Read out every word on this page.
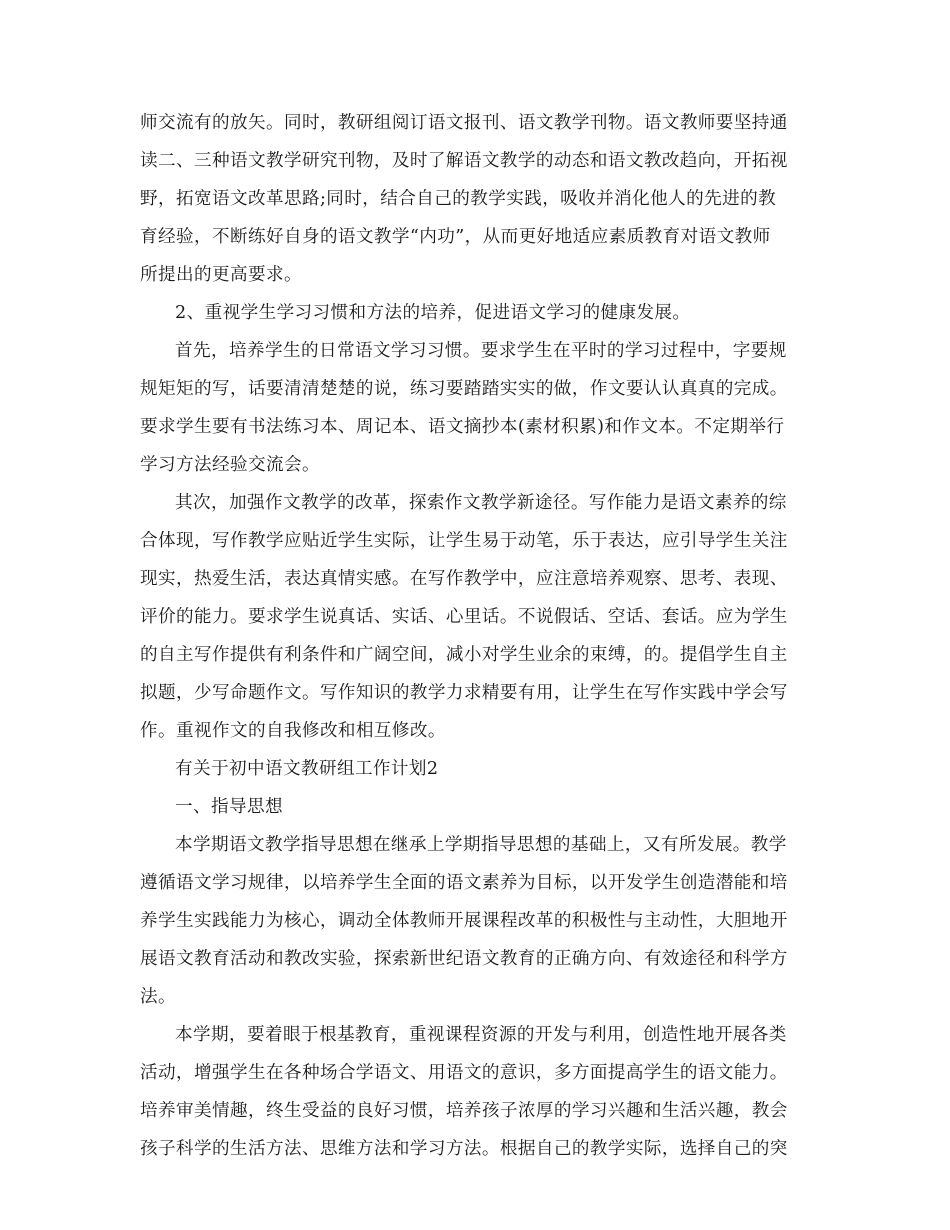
师交流有的放矢。同时，教研组阅订语文报刊、语文教学刊物。语文教师要坚持通
读二、三种语文教学研究刊物，及时了解语文教学的动态和语文教改趋向，开拓视
野，拓宽语文改革思路;同时，结合自己的教学实践，吸收并消化他人的先进的教
育经验，不断练好自身的语文教学“内功”，从而更好地适应素质教育对语文教师
所提出的更高要求。
2、重视学生学习习惯和方法的培养，促进语文学习的健康发展。
首先，培养学生的日常语文学习习惯。要求学生在平时的学习过程中，字要规
规矩矩的写，话要清清楚楚的说，练习要踏踏实实的做，作文要认认真真的完成。
要求学生要有书法练习本、周记本、语文摘抄本(素材积累)和作文本。不定期举行
学习方法经验交流会。
其次，加强作文教学的改革，探索作文教学新途径。写作能力是语文素养的综
合体现，写作教学应贴近学生实际，让学生易于动笔，乐于表达，应引导学生关注
现实，热爱生活，表达真情实感。在写作教学中，应注意培养观察、思考、表现、
评价的能力。要求学生说真话、实话、心里话。不说假话、空话、套话。应为学生
的自主写作提供有利条件和广阔空间，减小对学生业余的束缚，的。提倡学生自主
拟题，少写命题作文。写作知识的教学力求精要有用，让学生在写作实践中学会写
作。重视作文的自我修改和相互修改。
有关于初中语文教研组工作计划2
一、指导思想
本学期语文教学指导思想在继承上学期指导思想的基础上，又有所发展。教学
遵循语文学习规律，以培养学生全面的语文素养为目标，以开发学生创造潜能和培
养学生实践能力为核心，调动全体教师开展课程改革的积极性与主动性，大胆地开
展语文教育活动和教改实验，探索新世纪语文教育的正确方向、有效途径和科学方
法。
本学期，要着眼于根基教育，重视课程资源的开发与利用，创造性地开展各类
活动，增强学生在各种场合学语文、用语文的意识，多方面提高学生的语文能力。
培养审美情趣，终生受益的良好习惯，培养孩子浓厚的学习兴趣和生活兴趣，教会
孩子科学的生活方法、思维方法和学习方法。根据自己的教学实际，选择自己的突
